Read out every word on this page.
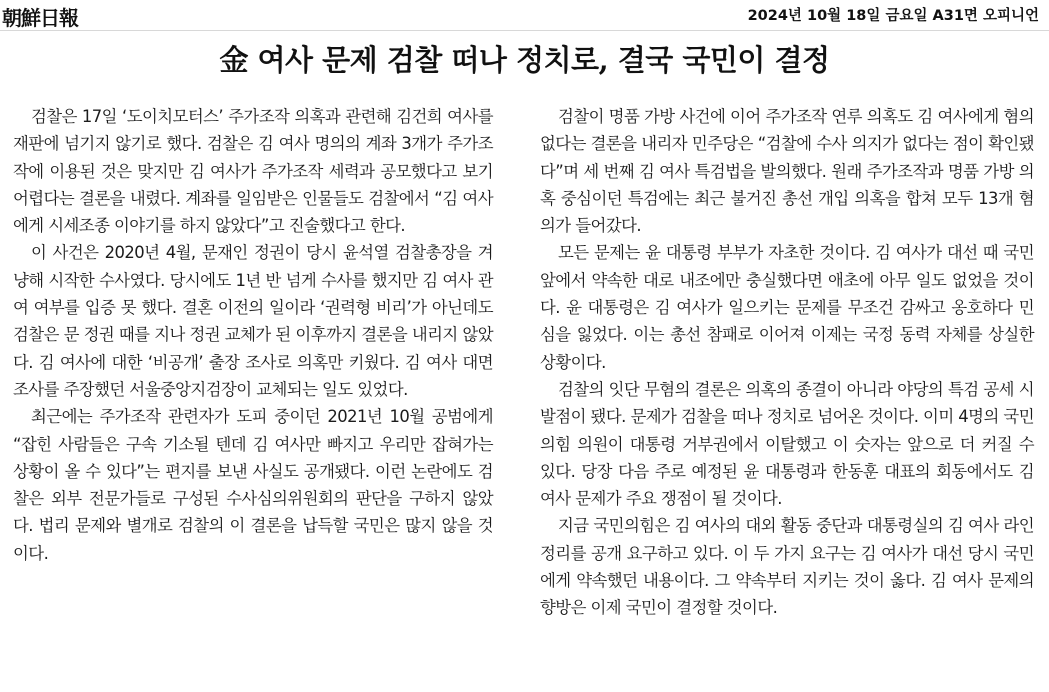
朝鮮日報	2024년 10월 18일 금요일 A31면 오피니언
金 여사 문제 검찰 떠나 정치로, 결국 국민이 결정

검찰은 17일 ‘도이치모터스’ 주가조작 의혹과 관련해 김건희 여사를 재판에 넘기지 않기로 했다. 검찰은 김 여사 명의의 계좌 3개가 주가조작에 이용된 것은 맞지만 김 여사가 주가조작 세력과 공모했다고 보기 어렵다는 결론을 내렸다. 계좌를 일임받은 인물들도 검찰에서 “김 여사에게 시세조종 이야기를 하지 않았다”고 진술했다고 한다.

이 사건은 2020년 4월, 문재인 정권이 당시 윤석열 검찰총장을 겨냥해 시작한 수사였다. 당시에도 1년 반 넘게 수사를 했지만 김 여사 관여 여부를 입증 못 했다. 결혼 이전의 일이라 ‘권력형 비리’가 아닌데도 검찰은 문 정권 때를 지나 정권 교체가 된 이후까지 결론을 내리지 않았다. 김 여사에 대한 ‘비공개’ 출장 조사로 의혹만 키웠다. 김 여사 대면 조사를 주장했던 서울중앙지검장이 교체되는 일도 있었다.

최근에는 주가조작 관련자가 도피 중이던 2021년 10월 공범에게 “잡힌 사람들은 구속 기소될 텐데 김 여사만 빠지고 우리만 잡혀가는 상황이 올 수 있다”는 편지를 보낸 사실도 공개됐다. 이런 논란에도 검찰은 외부 전문가들로 구성된 수사심의위원회의 판단을 구하지 않았다. 법리 문제와 별개로 검찰의 이 결론을 납득할 국민은 많지 않을 것이다.

검찰이 명품 가방 사건에 이어 주가조작 연루 의혹도 김 여사에게 혐의 없다는 결론을 내리자 민주당은 “검찰에 수사 의지가 없다는 점이 확인됐다”며 세 번째 김 여사 특검법을 발의했다. 원래 주가조작과 명품 가방 의혹 중심이던 특검에는 최근 불거진 총선 개입 의혹을 합쳐 모두 13개 혐의가 들어갔다.

모든 문제는 윤 대통령 부부가 자초한 것이다. 김 여사가 대선 때 국민 앞에서 약속한 대로 내조에만 충실했다면 애초에 아무 일도 없었을 것이다. 윤 대통령은 김 여사가 일으키는 문제를 무조건 감싸고 옹호하다 민심을 잃었다. 이는 총선 참패로 이어져 이제는 국정 동력 자체를 상실한 상황이다.

검찰의 잇단 무혐의 결론은 의혹의 종결이 아니라 야당의 특검 공세 시발점이 됐다. 문제가 검찰을 떠나 정치로 넘어온 것이다. 이미 4명의 국민의힘 의원이 대통령 거부권에서 이탈했고 이 숫자는 앞으로 더 커질 수 있다. 당장 다음 주로 예정된 윤 대통령과 한동훈 대표의 회동에서도 김 여사 문제가 주요 쟁점이 될 것이다.

지금 국민의힘은 김 여사의 대외 활동 중단과 대통령실의 김 여사 라인 정리를 공개 요구하고 있다. 이 두 가지 요구는 김 여사가 대선 당시 국민에게 약속했던 내용이다. 그 약속부터 지키는 것이 옳다. 김 여사 문제의 향방은 이제 국민이 결정할 것이다.
